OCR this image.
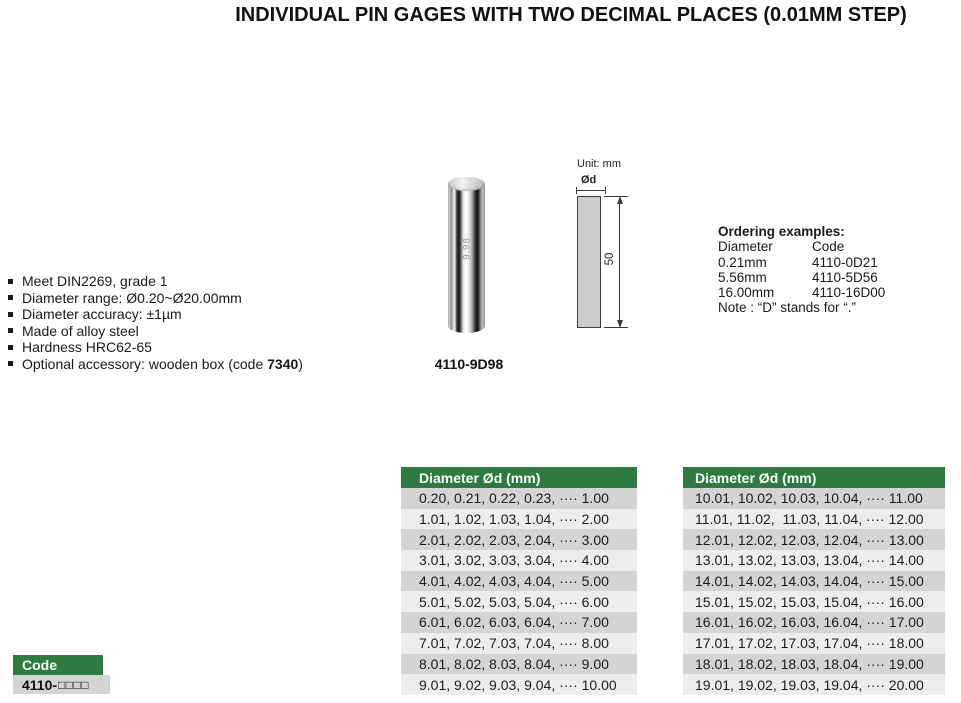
INDIVIDUAL PIN GAGES WITH TWO DECIMAL PLACES (0.01MM STEP)
Meet DIN2269, grade 1
Diameter range: Ø0.20~Ø20.00mm
Diameter accuracy: ±1µm
Made of alloy steel
Hardness HRC62-65
Optional accessory: wooden box (code 7340 )
9.98
4110-9D98
Unit: mm
Ød
50
Ordering examples:
Diameter	Code
0.21mm	4110-0D21
5.56mm	4110-5D56
16.00mm	4110-16D00
Note : “D” stands for “.”
Diameter Ød (mm)
0.20, 0.21, 0.22, 0.23, ···· 1.00
1.01, 1.02, 1.03, 1.04, ···· 2.00
2.01, 2.02, 2.03, 2.04, ···· 3.00
3.01, 3.02, 3.03, 3.04, ···· 4.00
4.01, 4.02, 4.03, 4.04, ···· 5.00
5.01, 5.02, 5.03, 5.04, ···· 6.00
6.01, 6.02, 6.03, 6.04, ···· 7.00
7.01, 7.02, 7.03, 7.04, ···· 8.00
8.01, 8.02, 8.03, 8.04, ···· 9.00
9.01, 9.02, 9.03, 9.04, ···· 10.00
Diameter Ød (mm)
10.01, 10.02, 10.03, 10.04, ···· 11.00
11.01, 11.02,  11.03, 11.04, ···· 12.00
12.01, 12.02, 12.03, 12.04, ···· 13.00
13.01, 13.02, 13.03, 13.04, ···· 14.00
14.01, 14.02, 14.03, 14.04, ···· 15.00
15.01, 15.02, 15.03, 15.04, ···· 16.00
16.01, 16.02, 16.03, 16.04, ···· 17.00
17.01, 17.02, 17.03, 17.04, ···· 18.00
18.01, 18.02, 18.03, 18.04, ···· 19.00
19.01, 19.02, 19.03, 19.04, ···· 20.00
Code
4110- □□□□
